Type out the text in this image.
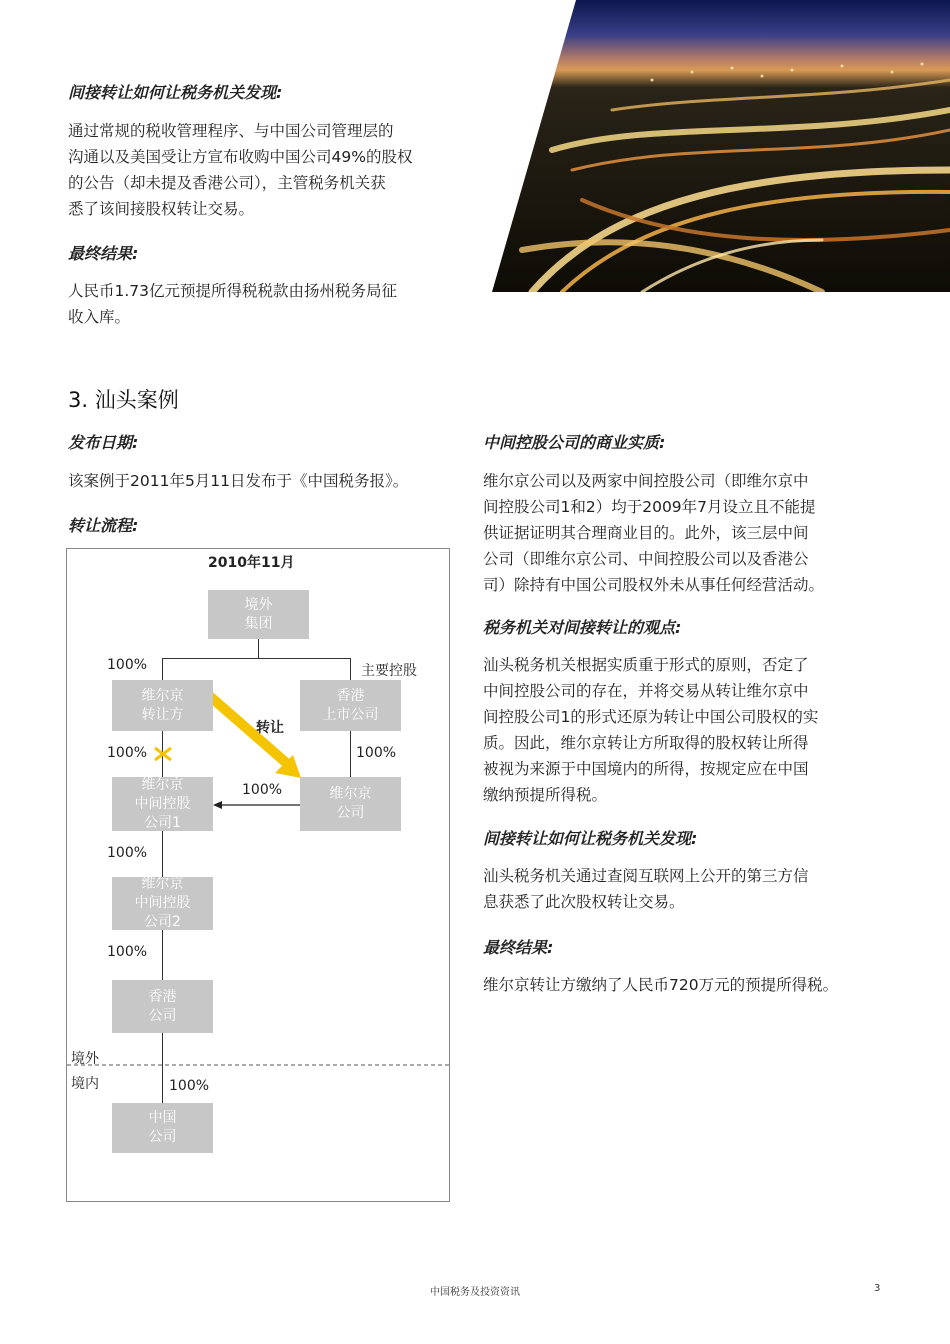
间接转让如何让税务机关发现:

通过常规的税收管理程序、与中国公司管理层的
沟通以及美国受让方宣布收购中国公司49%的股权
的公告（却未提及香港公司），主管税务机关获
悉了该间接股权转让交易。

最终结果:

人民币1.73亿元预提所得税税款由扬州税务局征
收入库。

3. 汕头案例
发布日期:
该案例于2011年5月11日发布于《中国税务报》。
转让流程:
2010年11月
境外
集团
维尔京
转让方
香港
上市公司
维尔京
中间控股
公司1
维尔京
公司
维尔京
中间控股
公司2
香港
公司
中国
公司
100%	主要控股
100%
转让
100%
100%
100%
100%
100%
境外
境内
中间控股公司的商业实质:

维尔京公司以及两家中间控股公司（即维尔京中
间控股公司1和2）均于2009年7月设立且不能提
供证据证明其合理商业目的。此外，该三层中间
公司（即维尔京公司、中间控股公司以及香港公
司）除持有中国公司股权外未从事任何经营活动。

税务机关对间接转让的观点:

汕头税务机关根据实质重于形式的原则，否定了
中间控股公司的存在，并将交易从转让维尔京中
间控股公司1的形式还原为转让中国公司股权的实
质。因此，维尔京转让方所取得的股权转让所得
被视为来源于中国境内的所得，按规定应在中国
缴纳预提所得税。

间接转让如何让税务机关发现:

汕头税务机关通过查阅互联网上公开的第三方信
息获悉了此次股权转让交易。

最终结果:
维尔京转让方缴纳了人民币720万元的预提所得税。
中国税务及投资资讯	3
